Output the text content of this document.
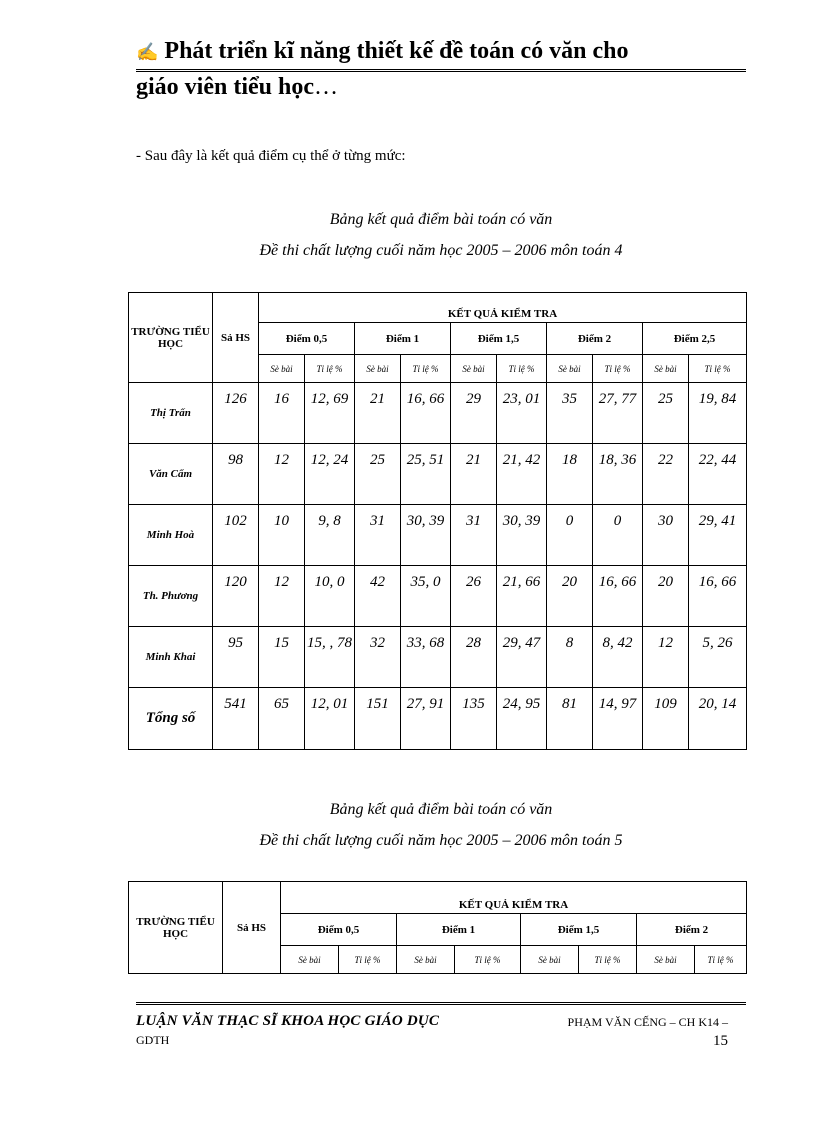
✍ Phát triển kĩ năng thiết kế đề toán có văn cho
giáo viên tiểu học…
- Sau đây là kết quả điểm cụ thể ở từng mức:
Bảng kết quả điểm bài toán có văn
Đề thi chất lượng cuối năm học 2005 – 2006 môn toán 4
TRƯỜNG TIỂU HỌC	Sả HS	KẾT QUẢ KIỂM TRA									
		Điểm 0,5		Điểm 1		Điểm 1,5		Điểm 2		Điểm 2,5	
		Sè bài	Tỉ lệ %	Sè bài	Tỉ lệ %	Sè bài	Tỉ lệ %	Sè bài	Tỉ lệ %	Sè bài	Tỉ lệ %
Thị Trấn	126	16	12, 69	21	16, 66	29	23, 01	35	27, 77	25	19, 84
Văn Cẩm	98	12	12, 24	25	25, 51	21	21, 42	18	18, 36	22	22, 44
Minh Hoà	102	10	9, 8	31	30, 39	31	30, 39	0	0	30	29, 41
Th. Phương	120	12	10, 0	42	35, 0	26	21, 66	20	16, 66	20	16, 66
Minh Khai	95	15	15, , 78	32	33, 68	28	29, 47	8	8, 42	12	5, 26
Tổng số	541	65	12, 01	151	27, 91	135	24, 95	81	14, 97	109	20, 14
Bảng kết quả điểm bài toán có văn
Đề thi chất lượng cuối năm học 2005 – 2006 môn toán 5
TRƯỜNG TIỂU HỌC	Sả HS	KẾT QUẢ KIỂM TRA							
		Điểm 0,5		Điểm 1		Điểm 1,5		Điểm 2	
		Sè bài	Tỉ lệ %	Sè bài	Tỉ lệ %	Sè bài	Tỉ lệ %	Sè bài	Tỉ lệ %
LUẬN VĂN THẠC SĨ KHOA HỌC GIÁO DỤC	PHẠM VĂN CẾNG – CH K14 –
GDTH	15
